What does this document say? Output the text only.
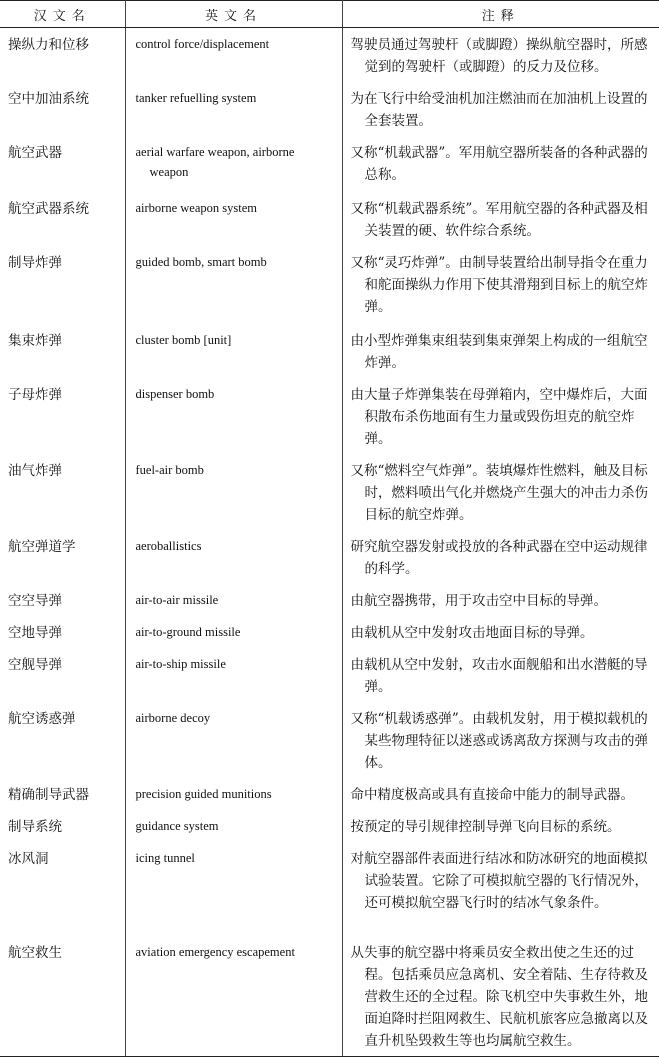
汉文名	英文名	注释
操纵力和位移	control force/displacement	驾驶员通过驾驶杆（或脚蹬）操纵航空器时，所感觉到的驾驶杆（或脚蹬）的反力及位移。

空中加油系统	tanker refuelling system	为在飞行中给受油机加注燃油而在加油机上设置的全套装置。

航空武器	aerial warfare weapon, airborne weapon	又称“机载武器”。军用航空器所装备的各种武器的总称。

航空武器系统	airborne weapon system	又称“机载武器系统”。军用航空器的各种武器及相关装置的硬、软件综合系统。

制导炸弹	guided bomb, smart bomb	又称“灵巧炸弹”。由制导装置给出制导指令在重力和舵面操纵力作用下使其滑翔到目标上的航空炸弹。

集束炸弹	cluster bomb [unit]	由小型炸弹集束组装到集束弹架上构成的一组航空炸弹。

子母炸弹	dispenser bomb	由大量子炸弹集装在母弹箱内，空中爆炸后，大面积散布杀伤地面有生力量或毁伤坦克的航空炸弹。

油气炸弹	fuel-air bomb	又称“燃料空气炸弹”。装填爆炸性燃料，触及目标时，燃料喷出气化并燃烧产生强大的冲击力杀伤目标的航空炸弹。

航空弹道学	aeroballistics	研究航空器发射或投放的各种武器在空中运动规律的科学。

空空导弹	air-to-air missile	由航空器携带，用于攻击空中目标的导弹。

空地导弹	air-to-ground missile	由载机从空中发射攻击地面目标的导弹。

空舰导弹	air-to-ship missile	由载机从空中发射，攻击水面舰船和出水潜艇的导弹。

航空诱惑弹	airborne decoy	又称“机载诱惑弹”。由载机发射，用于模拟载机的某些物理特征以迷惑或诱离敌方探测与攻击的弹体。

精确制导武器	precision guided munitions	命中精度极高或具有直接命中能力的制导武器。

制导系统	guidance system	按预定的导引规律控制导弹飞向目标的系统。

冰风洞	icing tunnel	对航空器部件表面进行结冰和防冰研究的地面模拟试验装置。它除了可模拟航空器的飞行情况外，还可模拟航空器飞行时的结冰气象条件。

航空救生	aviation emergency escapement	从失事的航空器中将乘员安全救出使之生还的过程。包括乘员应急离机、安全着陆、生存待救及营救生还的全过程。除飞机空中失事救生外，地面迫降时拦阻网救生、民航机旅客应急撤离以及直升机坠毁救生等也均属航空救生。
